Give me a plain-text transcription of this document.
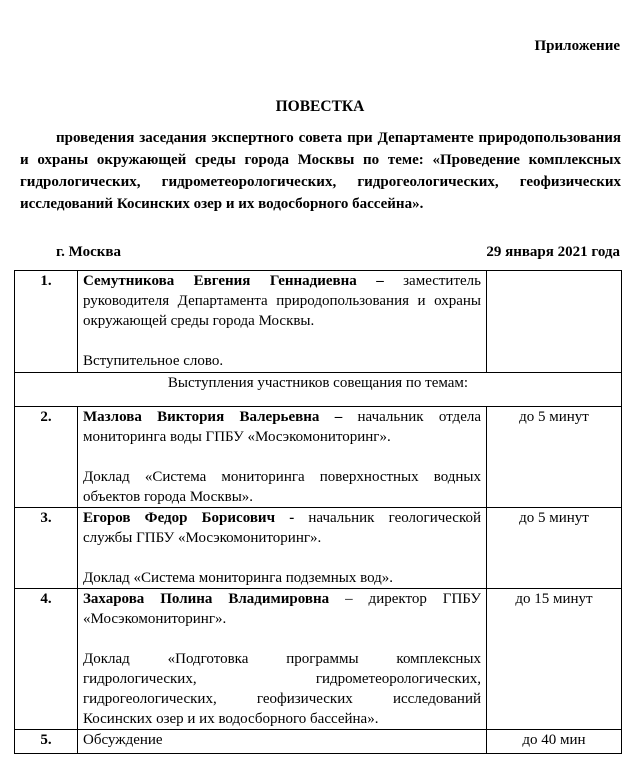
Приложение
ПОВЕСТКА
проведения заседания экспертного совета при Департаменте природопользования и охраны окружающей среды города Москвы по теме: «Проведение комплексных гидрологических, гидрометеорологических, гидрогеологических, геофизических исследований Косинских озер и их водосборного бассейна».
г. Москва	29 января 2021 года
1.	Семутникова Евгения Геннадиевна – заместитель руководителя Департамента природопользования и охраны окружающей среды города Москвы.

Вступительное слово.	

Выступления участников совещания по темам:		
2.	Мазлова Виктория Валерьевна – начальник отдела мониторинга воды ГПБУ «Мосэкомониторинг».

Доклад «Система мониторинга поверхностных водных объектов города Москвы».	до 5 минут
3.	Егоров Федор Борисович - начальник геологической службы ГПБУ «Мосэкомониторинг».

Доклад «Система мониторинга подземных вод».	до 5 минут
4.	Захарова Полина Владимировна – директор ГПБУ «Мосэкомониторинг».

Доклад «Подготовка программы комплексных гидрологических, гидрометеорологических, гидрогеологических, геофизических исследований Косинских озер и их водосборного бассейна».	до 15 минут
5.	Обсуждение	до 40 мин
